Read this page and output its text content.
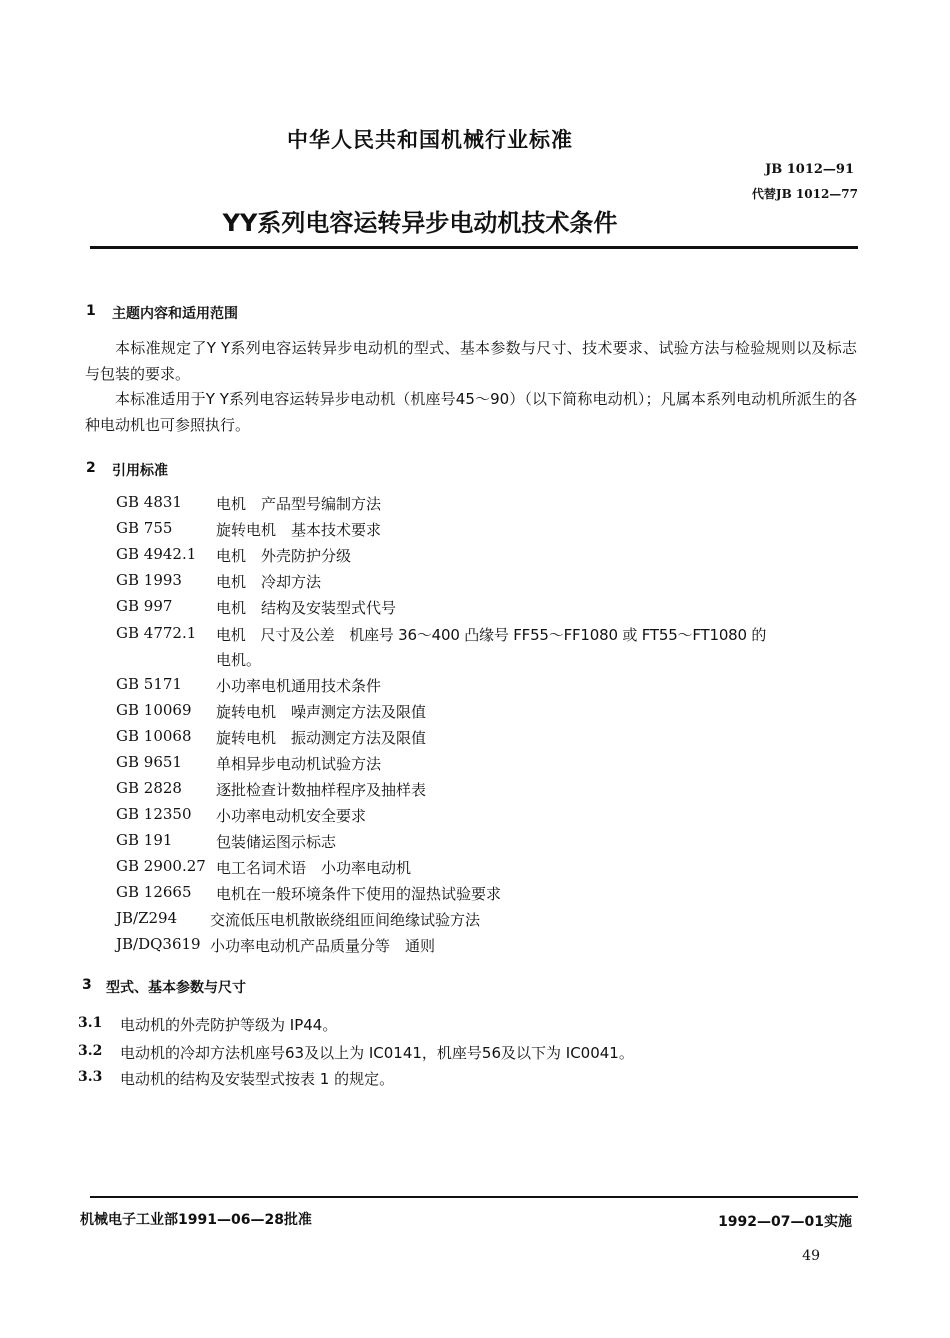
中华人民共和国机械行业标准
JB 1012—91
代替JB 1012—77
YY系列电容运转异步电动机技术条件
1 主题内容和适用范围
本标准规定了Y Y系列电容运转异步电动机的型式、基本参数与尺寸、技术要求、试验方法与检验规则以及标志与包装的要求。
本标准适用于Y Y系列电容运转异步电动机（机座号45～90）（以下简称电动机）；凡属本系列电动机所派生的各种电动机也可参照执行。
2 引用标准
GB 4831 电机　产品型号编制方法
GB 755	旋转电机　基本技术要求
GB 4942.1 电机　外壳防护分级
GB 1993 电机　冷却方法
GB 997	电机　结构及安装型式代号
GB 4772.1 电机　尺寸及公差　机座号 36～400 凸缘号 FF55～FF1080 或 FT55～FT1080 的
电机。
GB 5171 小功率电机通用技术条件
GB 10069 旋转电机　噪声测定方法及限值
GB 10068 旋转电机　振动测定方法及限值
GB 9651 单相异步电动机试验方法
GB 2828 逐批检查计数抽样程序及抽样表
GB 12350 小功率电动机安全要求
GB 191	包装储运图示标志
GB 2900.27 电工名词术语　小功率电动机
GB 12665 电机在一般环境条件下使用的湿热试验要求
JB/Z294 交流低压电机散嵌绕组匝间绝缘试验方法
JB/DQ3619 小功率电动机产品质量分等　通则
3 型式、基本参数与尺寸
3.1 电动机的外壳防护等级为 IP44。
3.2 电动机的冷却方法机座号63及以上为 IC0141，机座号56及以下为 IC0041。
3.3 电动机的结构及安装型式按表 1 的规定。
机械电子工业部1991—06—28批准	1992—07—01实施
49
